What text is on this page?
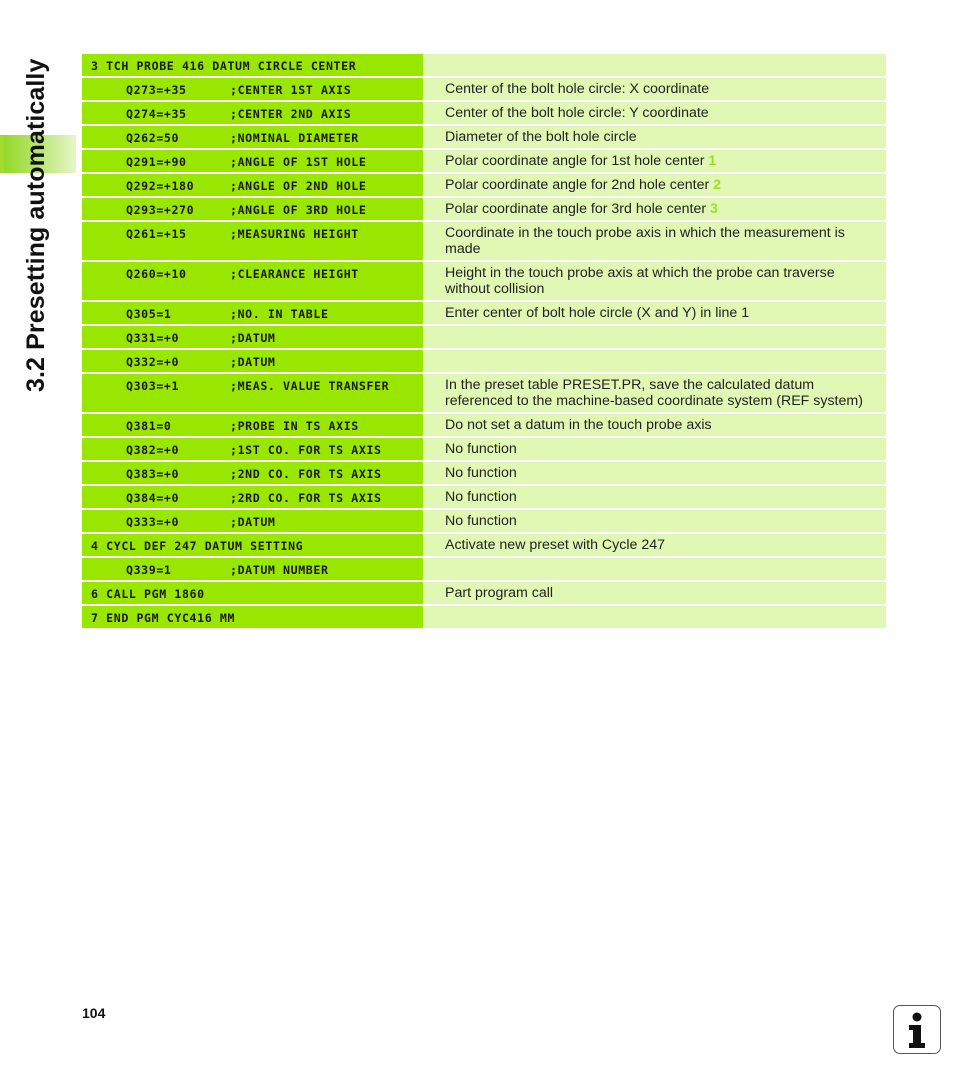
3.2 Presetting automatically	3 TCH PROBE 416 DATUM CIRCLE CENTER
Q273=+35	;CENTER 1ST AXIS	Center of the bolt hole circle: X coordinate
Q274=+35	;CENTER 2ND AXIS	Center of the bolt hole circle: Y coordinate
Q262=50	;NOMINAL DIAMETER	Diameter of the bolt hole circle
Q291=+90	;ANGLE OF 1ST HOLE	Polar coordinate angle for 1st hole center 1
Q292=+180	;ANGLE OF 2ND HOLE	Polar coordinate angle for 2nd hole center 2
Q293=+270	;ANGLE OF 3RD HOLE	Polar coordinate angle for 3rd hole center 3
Q261=+15	;MEASURING HEIGHT	Coordinate in the touch probe axis in which the measurement is made
Q260=+10	;CLEARANCE HEIGHT	Height in the touch probe axis at which the probe can traverse without collision
Q305=1	;NO. IN TABLE	Enter center of bolt hole circle (X and Y) in line 1
Q331=+0	;DATUM
Q332=+0	;DATUM
Q303=+1	;MEAS. VALUE TRANSFER	In the preset table PRESET.PR, save the calculated datum referenced to the machine-based coordinate system (REF system)
Q381=0	;PROBE IN TS AXIS	Do not set a datum in the touch probe axis
Q382=+0	;1ST CO. FOR TS AXIS	No function
Q383=+0	;2ND CO. FOR TS AXIS	No function
Q384=+0	;2RD CO. FOR TS AXIS	No function
Q333=+0	;DATUM	No function
4 CYCL DEF 247 DATUM SETTING	Activate new preset with Cycle 247
Q339=1	;DATUM NUMBER
6 CALL PGM 1860	Part program call
7 END PGM CYC416 MM
104
